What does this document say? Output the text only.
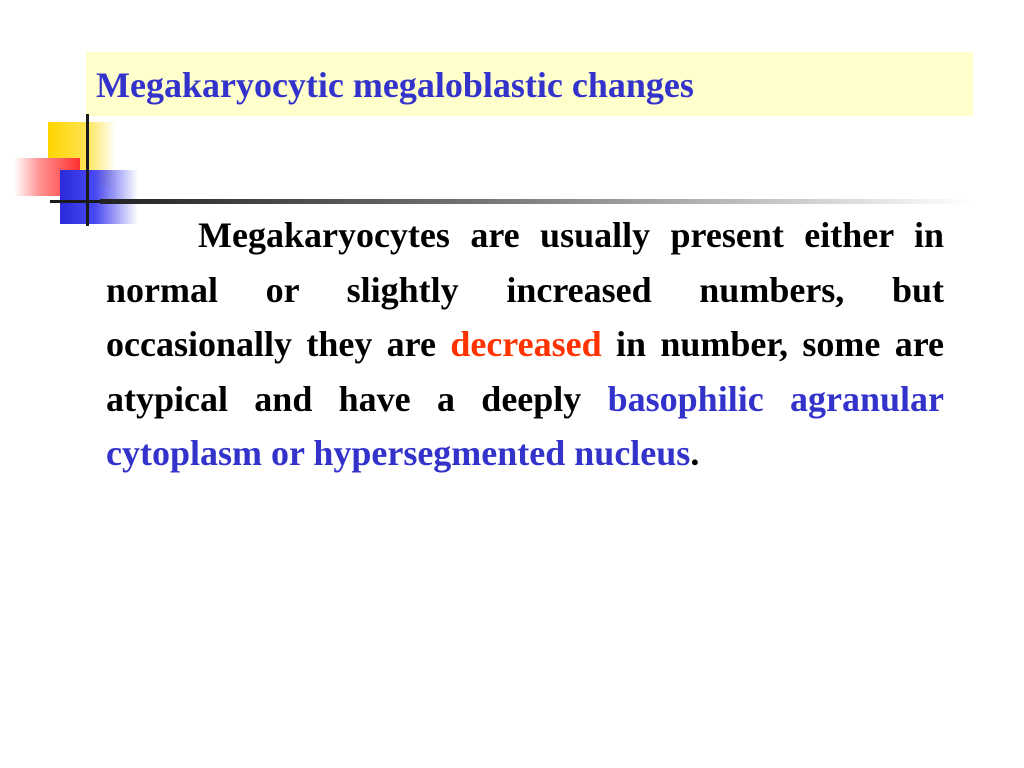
Megakaryocytic megaloblastic changes

Megakaryocytes are usually present either in normal or slightly increased numbers, but occasionally they are decreased in number, some are atypical and have a deeply basophilic agranular cytoplasm or hypersegmented nucleus.
